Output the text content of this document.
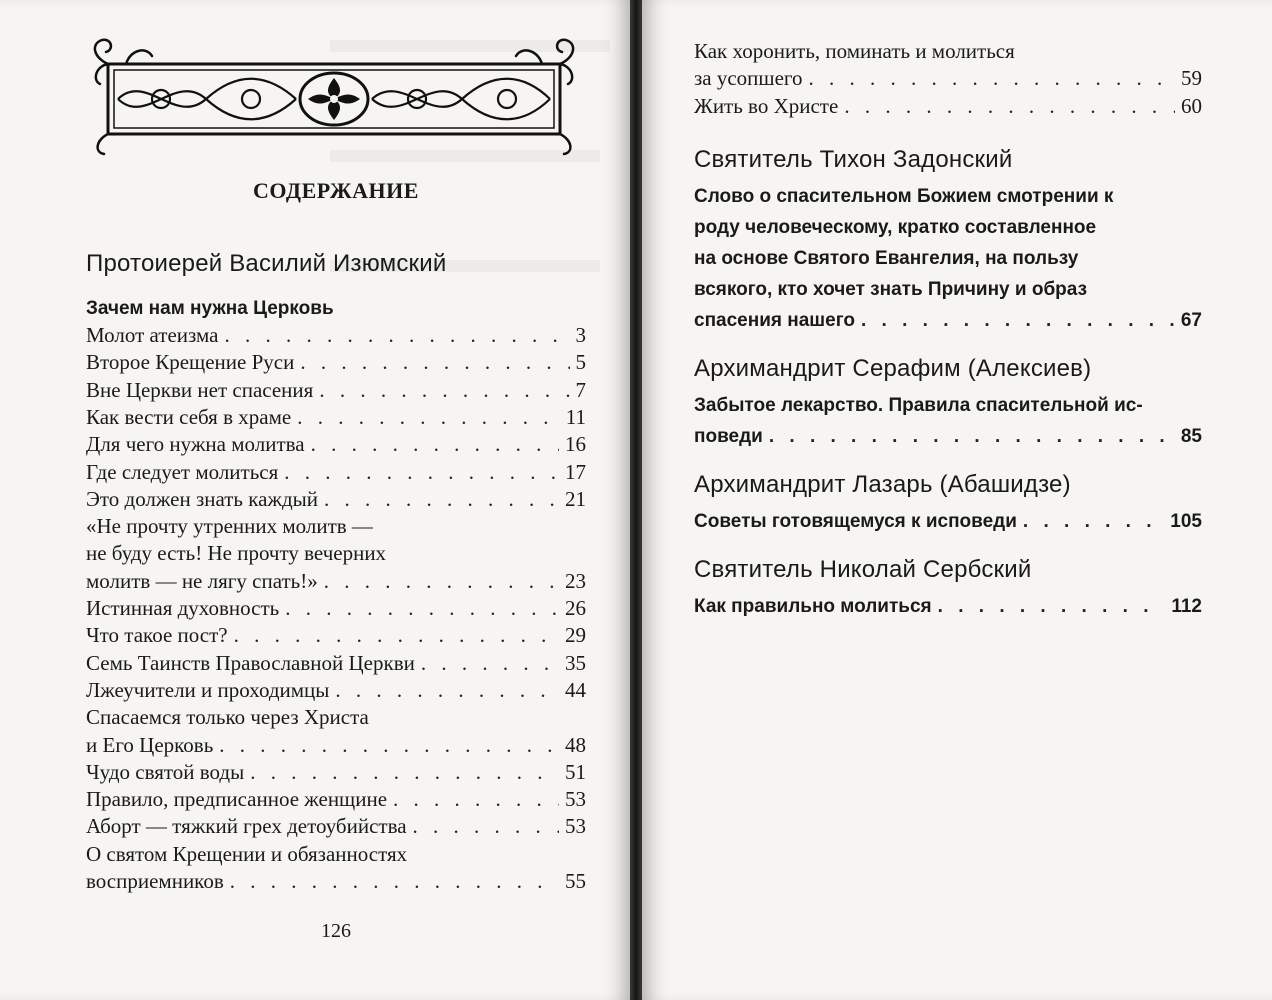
СОДЕРЖАНИЕ
Протоиерей Василий Изюмский
Зачем нам нужна Церковь
Молот атеизма . . .	3
Второе Крещение Руси . . .	5
Вне Церкви нет спасения . . .	7
Как вести себя в храме . . .	11
Для чего нужна молитва . . .	16
Где следует молиться . . .	17
Это должен знать каждый . . .	21
«Не прочту утренних молитв —
не буду есть! Не прочту вечерних
молитв — не лягу спать!» . . .	23
Истинная духовность . . .	26
Что такое пост? . . .	29
Семь Таинств Православной Церкви . . .	35
Лжеучители и проходимцы . . .	44
Спасаемся только через Христа
и Его Церковь . . .	48
Чудо святой воды . . .	51
Правило, предписанное женщине . . .	53
Аборт — тяжкий грех детоубийства . . .	53
О святом Крещении и обязанностях
восприемников . . .	55
126
Как хоронить, поминать и молиться
за усопшего . . .	59
Жить во Христе . . .	60
Святитель Тихон Задонский
Слово о спасительном Божием смотрении к
роду человеческому, кратко составленное
на основе Святого Евангелия, на пользу
всякого, кто хочет знать Причину и образ
спасения нашего . . .	67
Архимандрит Серафим (Алексиев)
Забытое лекарство. Правила спасительной ис-
поведи . . .	85
Архимандрит Лазарь (Абашидзе)
Советы готовящемуся к исповеди . . .	105
Святитель Николай Сербский
Как правильно молиться . . .	112
